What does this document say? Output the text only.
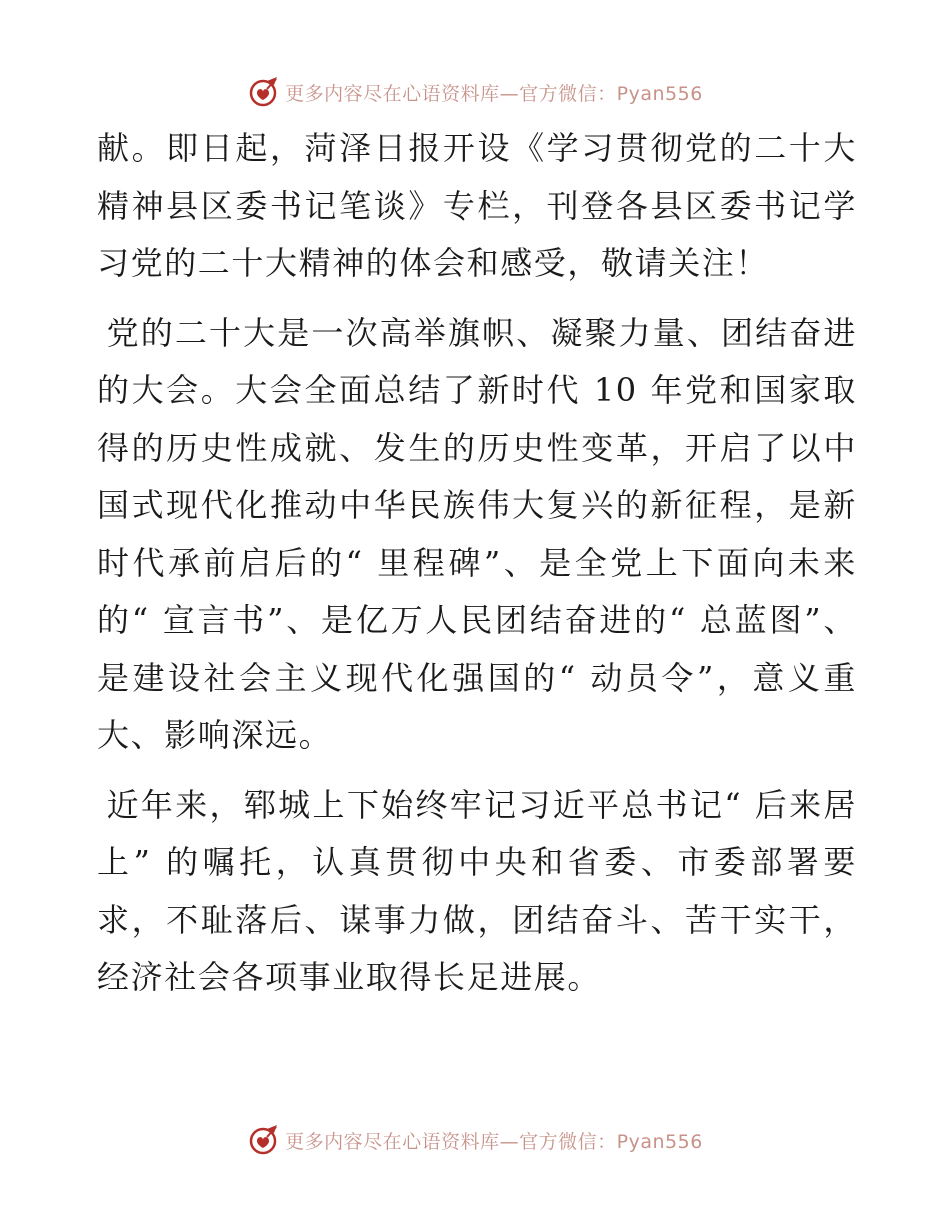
更多内容尽在心语资料库—官方微信：Pyan556

献。即日起，菏泽日报开设《学习贯彻党的二十大精神县区委书记笔谈》专栏，刊登各县区委书记学习党的二十大精神的体会和感受，敬请关注！

党的二十大是一次高举旗帜、凝聚力量、团结奋进的大会。大会全面总结了新时代 10 年党和国家取得的历史性成就、发生的历史性变革，开启了以中国式现代化推动中华民族伟大复兴的新征程，是新时代承前启后的“ 里程碑”、是全党上下面向未来的“ 宣言书”、是亿万人民团结奋进的“ 总蓝图”、是建设社会主义现代化强国的“ 动员令”，意义重大、影响深远。

近年来，郓城上下始终牢记习近平总书记“ 后来居上” 的嘱托，认真贯彻中央和省委、市委部署要求，不耻落后、谋事力做，团结奋斗、苦干实干，经济社会各项事业取得长足进展。

更多内容尽在心语资料库—官方微信：Pyan556
